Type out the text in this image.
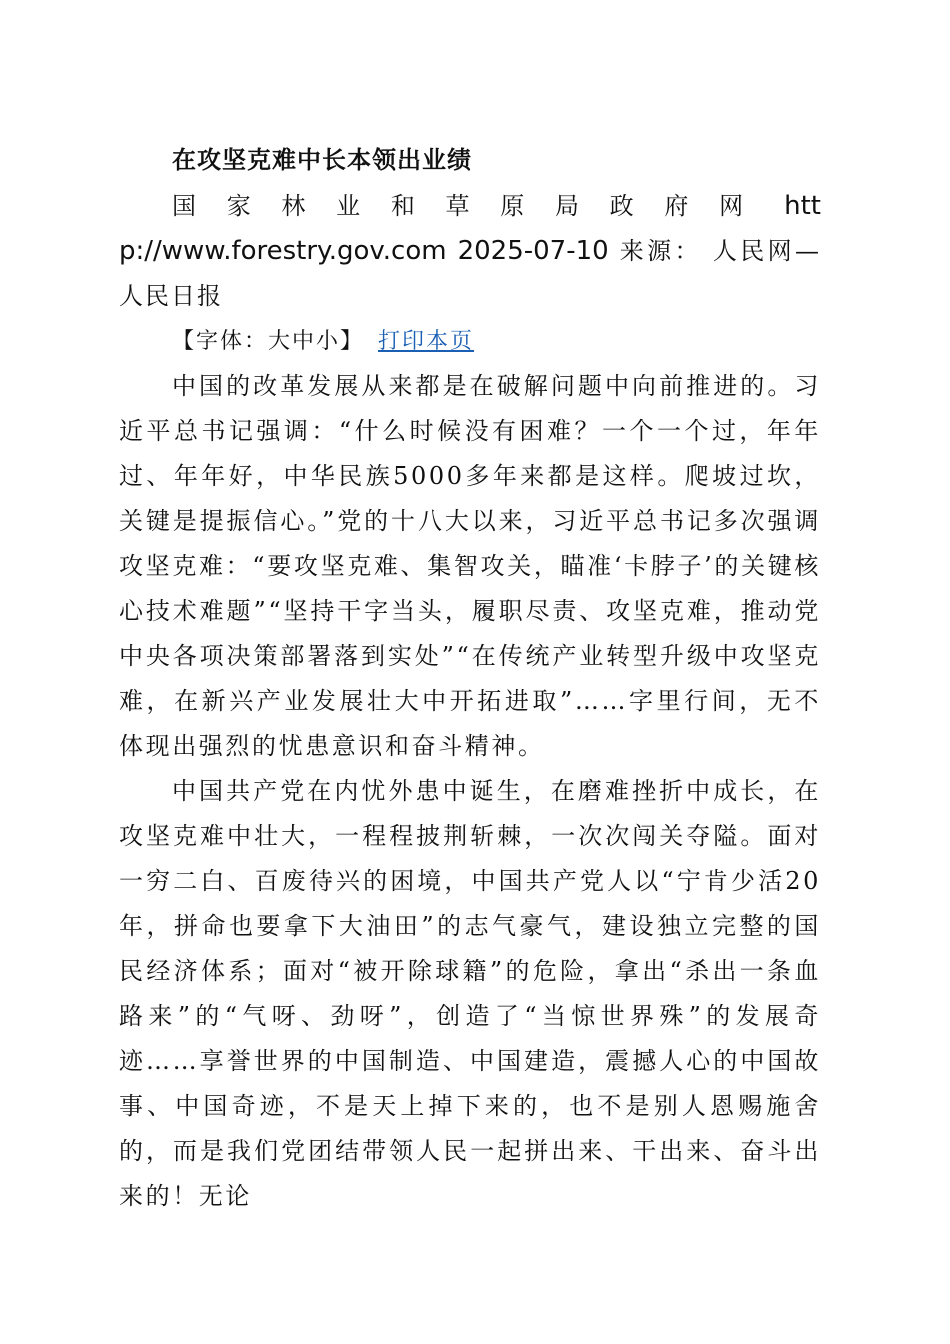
在攻坚克难中长本领出业绩
国家林业和草原局政府网 http://www.forestry.gov.com 2025-07-10 来源： 人民网—人民日报

【字体：大中小】 打印本页

中国的改革发展从来都是在破解问题中向前推进的。习近平总书记强调：“什么时候没有困难？一个一个过，年年过、年年好，中华民族5000多年来都是这样。爬坡过坎，关键是提振信心。”党的十八大以来，习近平总书记多次强调攻坚克难：“要攻坚克难、集智攻关，瞄准‘卡脖子’的关键核心技术难题”“坚持干字当头，履职尽责、攻坚克难，推动党中央各项决策部署落到实处”“在传统产业转型升级中攻坚克难，在新兴产业发展壮大中开拓进取”……字里行间，无不体现出强烈的忧患意识和奋斗精神。

中国共产党在内忧外患中诞生，在磨难挫折中成长，在攻坚克难中壮大，一程程披荆斩棘，一次次闯关夺隘。面对一穷二白、百废待兴的困境，中国共产党人以“宁肯少活20年，拼命也要拿下大油田”的志气豪气，建设独立完整的国民经济体系；面对“被开除球籍”的危险，拿出“杀出一条血路来”的“气呀、劲呀”，创造了“当惊世界殊”的发展奇迹……享誉世界的中国制造、中国建造，震撼人心的中国故事、中国奇迹，不是天上掉下来的，也不是别人恩赐施舍的，而是我们党团结带领人民一起拼出来、干出来、奋斗出来的！无论
